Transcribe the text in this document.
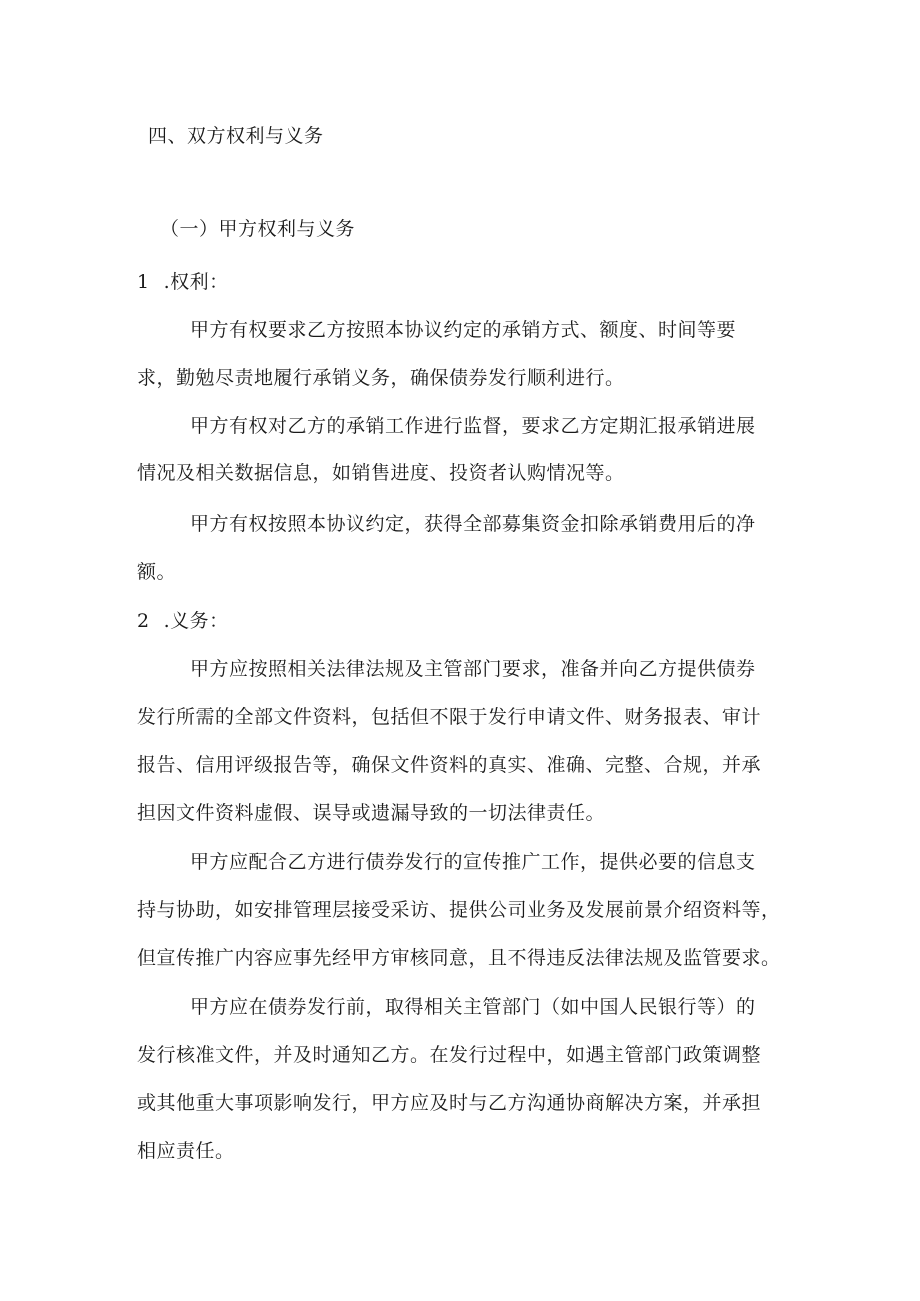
四、双方权利与义务
（一）甲方权利与义务
1 .权利：
甲方有权要求乙方按照本协议约定的承销方式、额度、时间等要
求，勤勉尽责地履行承销义务，确保债券发行顺利进行。
甲方有权对乙方的承销工作进行监督，要求乙方定期汇报承销进展
情况及相关数据信息，如销售进度、投资者认购情况等。
甲方有权按照本协议约定，获得全部募集资金扣除承销费用后的净
额。
2 .义务：
甲方应按照相关法律法规及主管部门要求，准备并向乙方提供债券
发行所需的全部文件资料，包括但不限于发行申请文件、财务报表、审计
报告、信用评级报告等，确保文件资料的真实、准确、完整、合规，并承
担因文件资料虚假、误导或遗漏导致的一切法律责任。
甲方应配合乙方进行债券发行的宣传推广工作，提供必要的信息支
持与协助，如安排管理层接受采访、提供公司业务及发展前景介绍资料等，
但宣传推广内容应事先经甲方审核同意，且不得违反法律法规及监管要求。
甲方应在债券发行前，取得相关主管部门（如中国人民银行等）的
发行核准文件，并及时通知乙方。在发行过程中，如遇主管部门政策调整
或其他重大事项影响发行，甲方应及时与乙方沟通协商解决方案，并承担
相应责任。
